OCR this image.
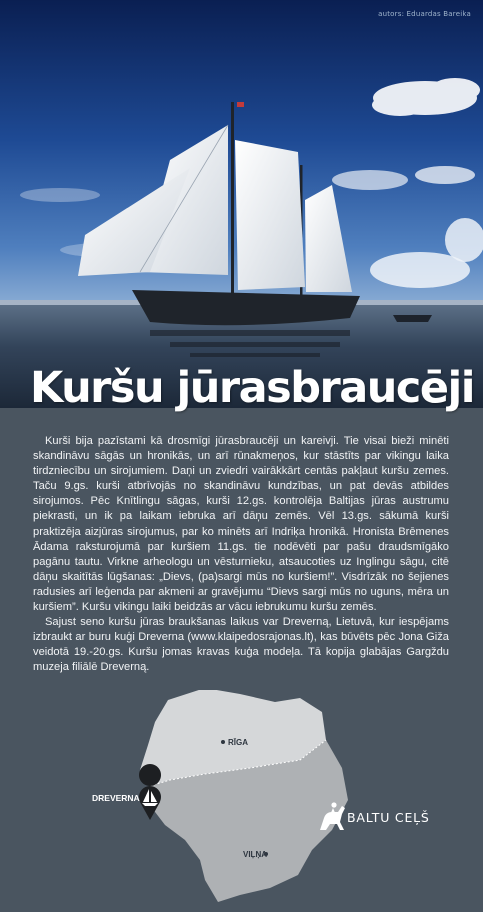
autors: Eduardas Bareika
Kuršu jūrasbraucēji

Kurši bija pazīstami kā drosmīgi jūrasbraucēji un kareivji. Tie visai bieži minēti skandināvu sāgās un hronikās, un arī rūnakmeņos, kur stāstīts par vikingu laika tirdzniecību un sirojumiem. Daņi un zviedri vairākkārt centās pakļaut kuršu zemes. Taču 9.gs. kurši atbrīvojās no skandināvu kundzības, un pat devās atbildes sirojumos. Pēc Knītlingu sāgas, kurši 12.gs. kontrolēja Baltijas jūras austrumu piekrasti, un ik pa laikam iebruka arī dāņu zemēs. Vēl 13.gs. sākumā kurši praktizēja aizjūras sirojumus, par ko minēts arī Indriķa hronikā. Hronista Brēmenes Ādama raksturojumā par kuršiem 11.gs. tie nodēvēti par pašu draudsmīgāko pagānu tautu. Virkne arheologu un vēsturnieku, atsaucoties uz Inglingu sāgu, citē dāņu skaitītās lūgšanas: „Dievs, (pa)sargi mūs no kuršiem!”. Visdrīzāk no šejienes radusies arī leģenda par akmeni ar gravējumu “Dievs sargi mūs no uguns, mēra un kuršiem”. Kuršu vikingu laiki beidzās ar vācu iebrukumu kuršu zemēs.

Sajust seno kuršu jūras braukšanas laikus var Dreverną, Lietuvā, kur iespējams izbraukt ar buru kuģi Dreverna (www.klaipedosrajonas.lt), kas būvēts pēc Jona Giža veidotā 19.-20.gs. Kuršu jomas kravas kuģa modeļa. Tā kopija glabājas Gargždu muzeja filiālē Dreverną.

RĪGA
VIĻŅA
DREVERNA
BALTU CEĻŠ
